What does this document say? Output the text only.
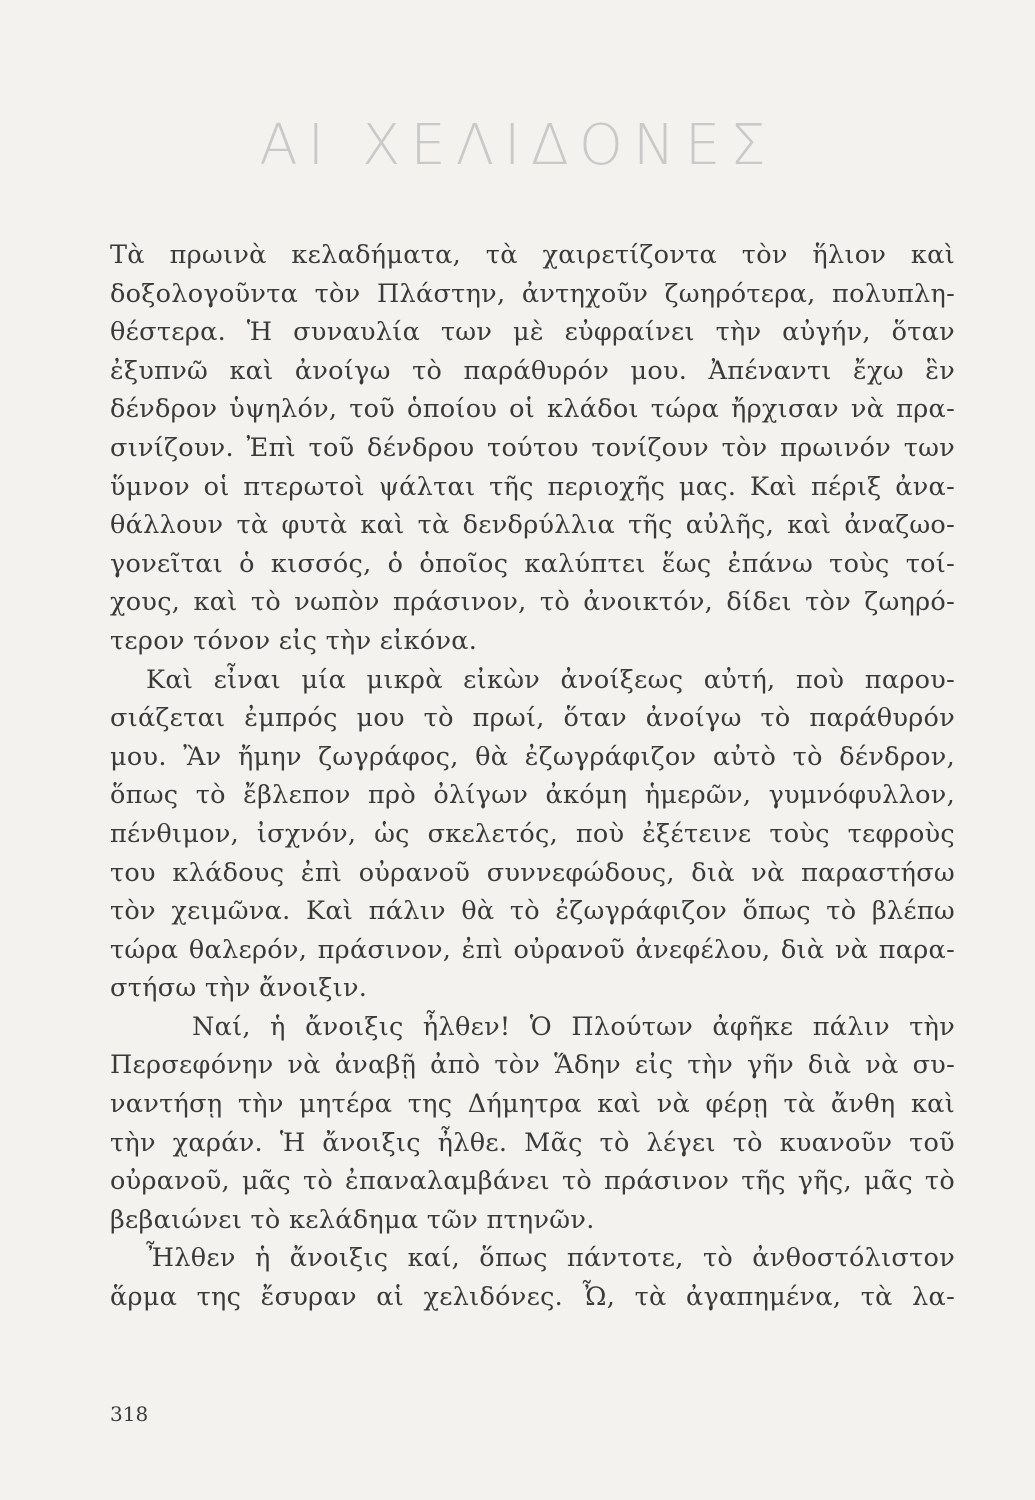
ΑΙ ΧΕΛΙΔΟΝΕΣ
Τὰ πρωινὰ κελαδήματα, τὰ χαιρετίζοντα τὸν ἥλιον καὶ
δοξολογοῦντα τὸν Πλάστην, ἀντηχοῦν ζωηρότερα, πολυπλη-
θέστερα. Ἡ συναυλία των μὲ εὐφραίνει τὴν αὐγήν, ὅταν
ἐξυπνῶ καὶ ἀνοίγω τὸ παράθυρόν μου. Ἀπέναντι ἔχω ἓν
δένδρον ὑψηλόν, τοῦ ὁποίου οἱ κλάδοι τώρα ἤρχισαν νὰ πρα-
σινίζουν. Ἐπὶ τοῦ δένδρου τούτου τονίζουν τὸν πρωινόν των
ὕμνον οἱ πτερωτοὶ ψάλται τῆς περιοχῆς μας. Καὶ πέριξ ἀνα-
θάλλουν τὰ φυτὰ καὶ τὰ δενδρύλλια τῆς αὐλῆς, καὶ ἀναζωο-
γονεῖται ὁ κισσός, ὁ ὁποῖος καλύπτει ἕως ἐπάνω τοὺς τοί-
χους, καὶ τὸ νωπὸν πράσινον, τὸ ἀνοικτόν, δίδει τὸν ζωηρό-
τερον τόνον εἰς τὴν εἰκόνα.
Καὶ εἶναι μία μικρὰ εἰκὼν ἀνοίξεως αὐτή, ποὺ παρου-
σιάζεται ἐμπρός μου τὸ πρωί, ὅταν ἀνοίγω τὸ παράθυρόν
μου. Ἂν ἤμην ζωγράφος, θὰ ἐζωγράφιζον αὐτὸ τὸ δένδρον,
ὅπως τὸ ἔβλεπον πρὸ ὀλίγων ἀκόμη ἡμερῶν, γυμνόφυλλον,
πένθιμον, ἰσχνόν, ὡς σκελετός, ποὺ ἐξέτεινε τοὺς τεφροὺς
του κλάδους ἐπὶ οὐρανοῦ συννεφώδους, διὰ νὰ παραστήσω
τὸν χειμῶνα. Καὶ πάλιν θὰ τὸ ἐζωγράφιζον ὅπως τὸ βλέπω
τώρα θαλερόν, πράσινον, ἐπὶ οὐρανοῦ ἀνεφέλου, διὰ νὰ παρα-
στήσω τὴν ἄνοιξιν.
Ναί, ἡ ἄνοιξις ἦλθεν! Ὁ Πλούτων ἀφῆκε πάλιν τὴν
Περσεφόνην νὰ ἀναβῇ ἀπὸ τὸν Ἅδην εἰς τὴν γῆν διὰ νὰ συ-
ναντήσῃ τὴν μητέρα της Δήμητρα καὶ νὰ φέρῃ τὰ ἄνθη καὶ
τὴν χαράν. Ἡ ἄνοιξις ἦλθε. Μᾶς τὸ λέγει τὸ κυανοῦν τοῦ
οὐρανοῦ, μᾶς τὸ ἐπαναλαμβάνει τὸ πράσινον τῆς γῆς, μᾶς τὸ
βεβαιώνει τὸ κελάδημα τῶν πτηνῶν.
Ἦλθεν ἡ ἄνοιξις καί, ὅπως πάντοτε, τὸ ἀνθοστόλιστον
ἅρμα της ἔσυραν αἱ χελιδόνες. Ὦ, τὰ ἀγαπημένα, τὰ λα-
318
